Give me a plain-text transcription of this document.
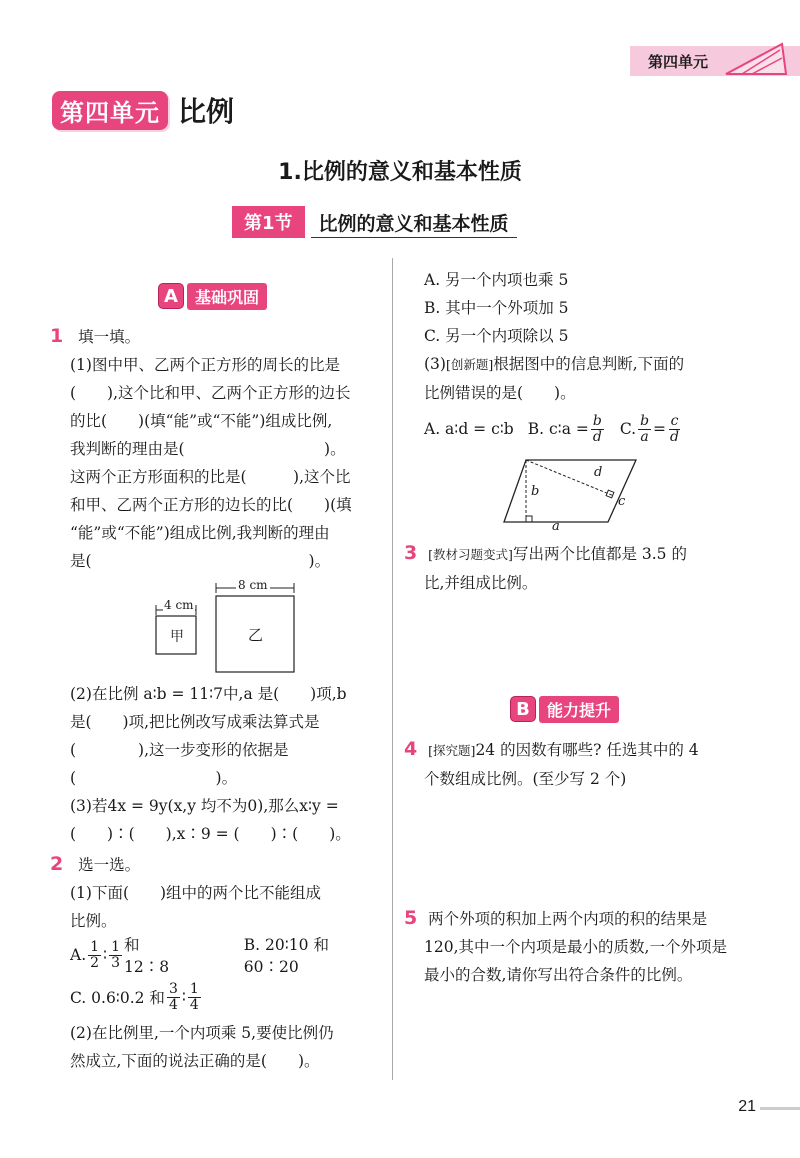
第四单元
第四单元 比例
1.比例的意义和基本性质
第1节	比例的意义和基本性质
A	基础巩固
1 填一填。
(1)图中甲、乙两个正方形的周长的比是
(　　),这个比和甲、乙两个正方形的边长
的比(　　)(填“能”或“不能”)组成比例,
我判断的理由是(　　　　　　　　　)。
这两个正方形面积的比是(　　　),这个比
和甲、乙两个正方形的边长的比(　　)(填
“能”或“不能”)组成比例,我判断的理由
是(　　　　　　　　　　　　　　)。
8 cm
4 cm
甲	乙
(2)在比例 a∶b = 11∶7中,a 是(　　)项,b
是(　　)项,把比例改写成乘法算式是
(　　　　),这一步变形的依据是
(　　　　　　　　　)。
(3)若4x = 9y(x,y 均不为0),那么x∶y =
(　　)∶(　　),x∶9 = (　　)∶(　　)。
2 选一选。
(1)下面(　　)组中的两个比不能组成
比例。
A. $\frac{1}{2}$ ∶ $\frac{1}{3}$ 和 12∶8
B. 20∶10 和 60∶20
C. 0.6∶0.2 和 $\frac{3}{4}$ ∶ $\frac{1}{4}$
(2)在比例里,一个内项乘 5,要使比例仍
然成立,下面的说法正确的是(　　)。
A. 另一个内项也乘 5
B. 其中一个外项加 5
C. 另一个内项除以 5
(3)[创新题]根据图中的信息判断,下面的
比例错误的是(　　)。
A. a∶d = c∶b B. c∶a = $\frac{b}{d} C$. $\frac{b}{a} = \frac{c}{d}$
b
d
c
a
3 [教材习题变式]写出两个比值都是 3.5 的
比,并组成比例。
B	能力提升
4 [探究题]24 的因数有哪些? 任选其中的 4
个数组成比例。(至少写 2 个)
5 两个外项的积加上两个内项的积的结果是
120,其中一个内项是最小的质数,一个外项是
最小的合数,请你写出符合条件的比例。
21
